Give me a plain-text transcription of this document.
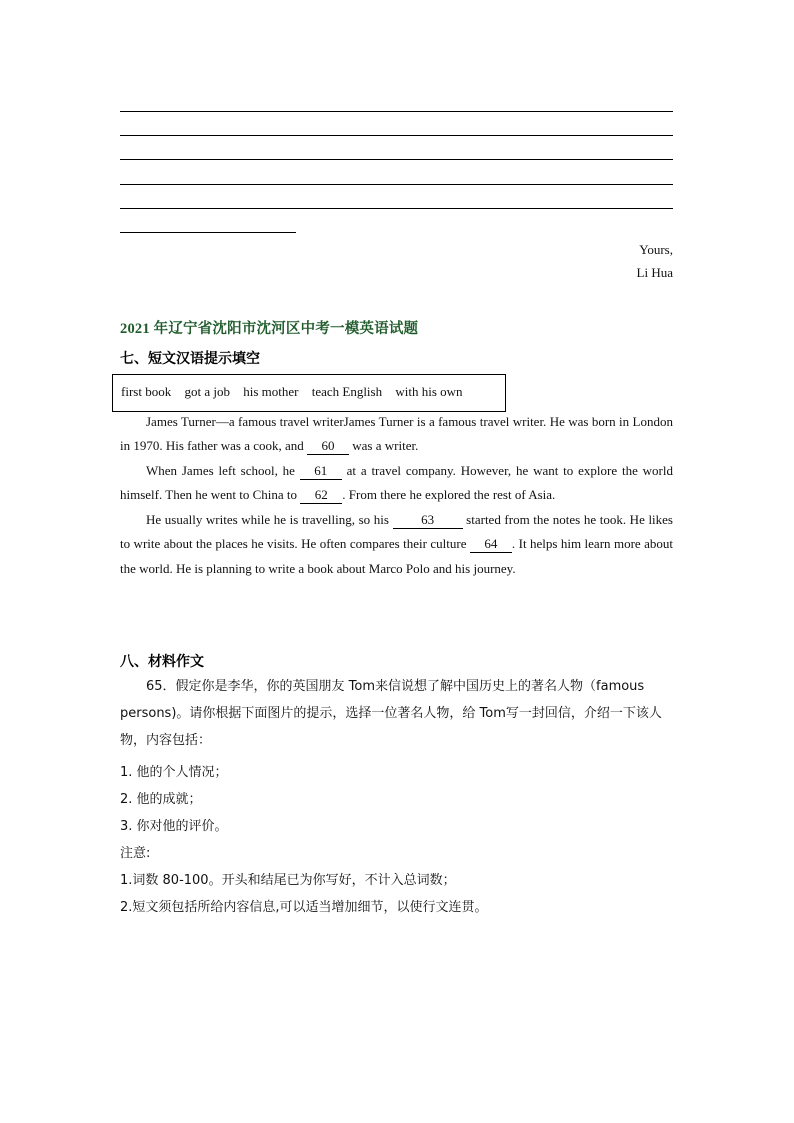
Yours,
Li Hua
2021 年辽宁省沈阳市沈河区中考一模英语试题
七、短文汉语提示填空
first book got a job his mother teach English with his own
James Turner—a famous travel writerJames Turner is a famous travel writer. He was born in London in 1970. His father was a cook, and 60 was a writer.
When James left school, he 61 at a travel company. However, he want to explore the world himself. Then he went to China to 62 . From there he explored the rest of Asia.
He usually writes while he is travelling, so his 63 started from the notes he took. He likes to write about the places he visits. He often compares their culture 64 . It helps him learn more about the world. He is planning to write a book about Marco Polo and his journey.
八、材料作文
65．假定你是李华，你的英国朋友 Tom来信说想了解中国历史上的著名人物（famous persons)。请你根据下面图片的提示，选择一位著名人物，给 Tom写一封回信，介绍一下该人物，内容包括：
1. 他的个人情况；
2. 他的成就；
3. 你对他的评价。
注意:
1.词数 80-100。开头和结尾已为你写好，不计入总词数；
2.短文须包括所给内容信息,可以适当增加细节，以使行文连贯。
